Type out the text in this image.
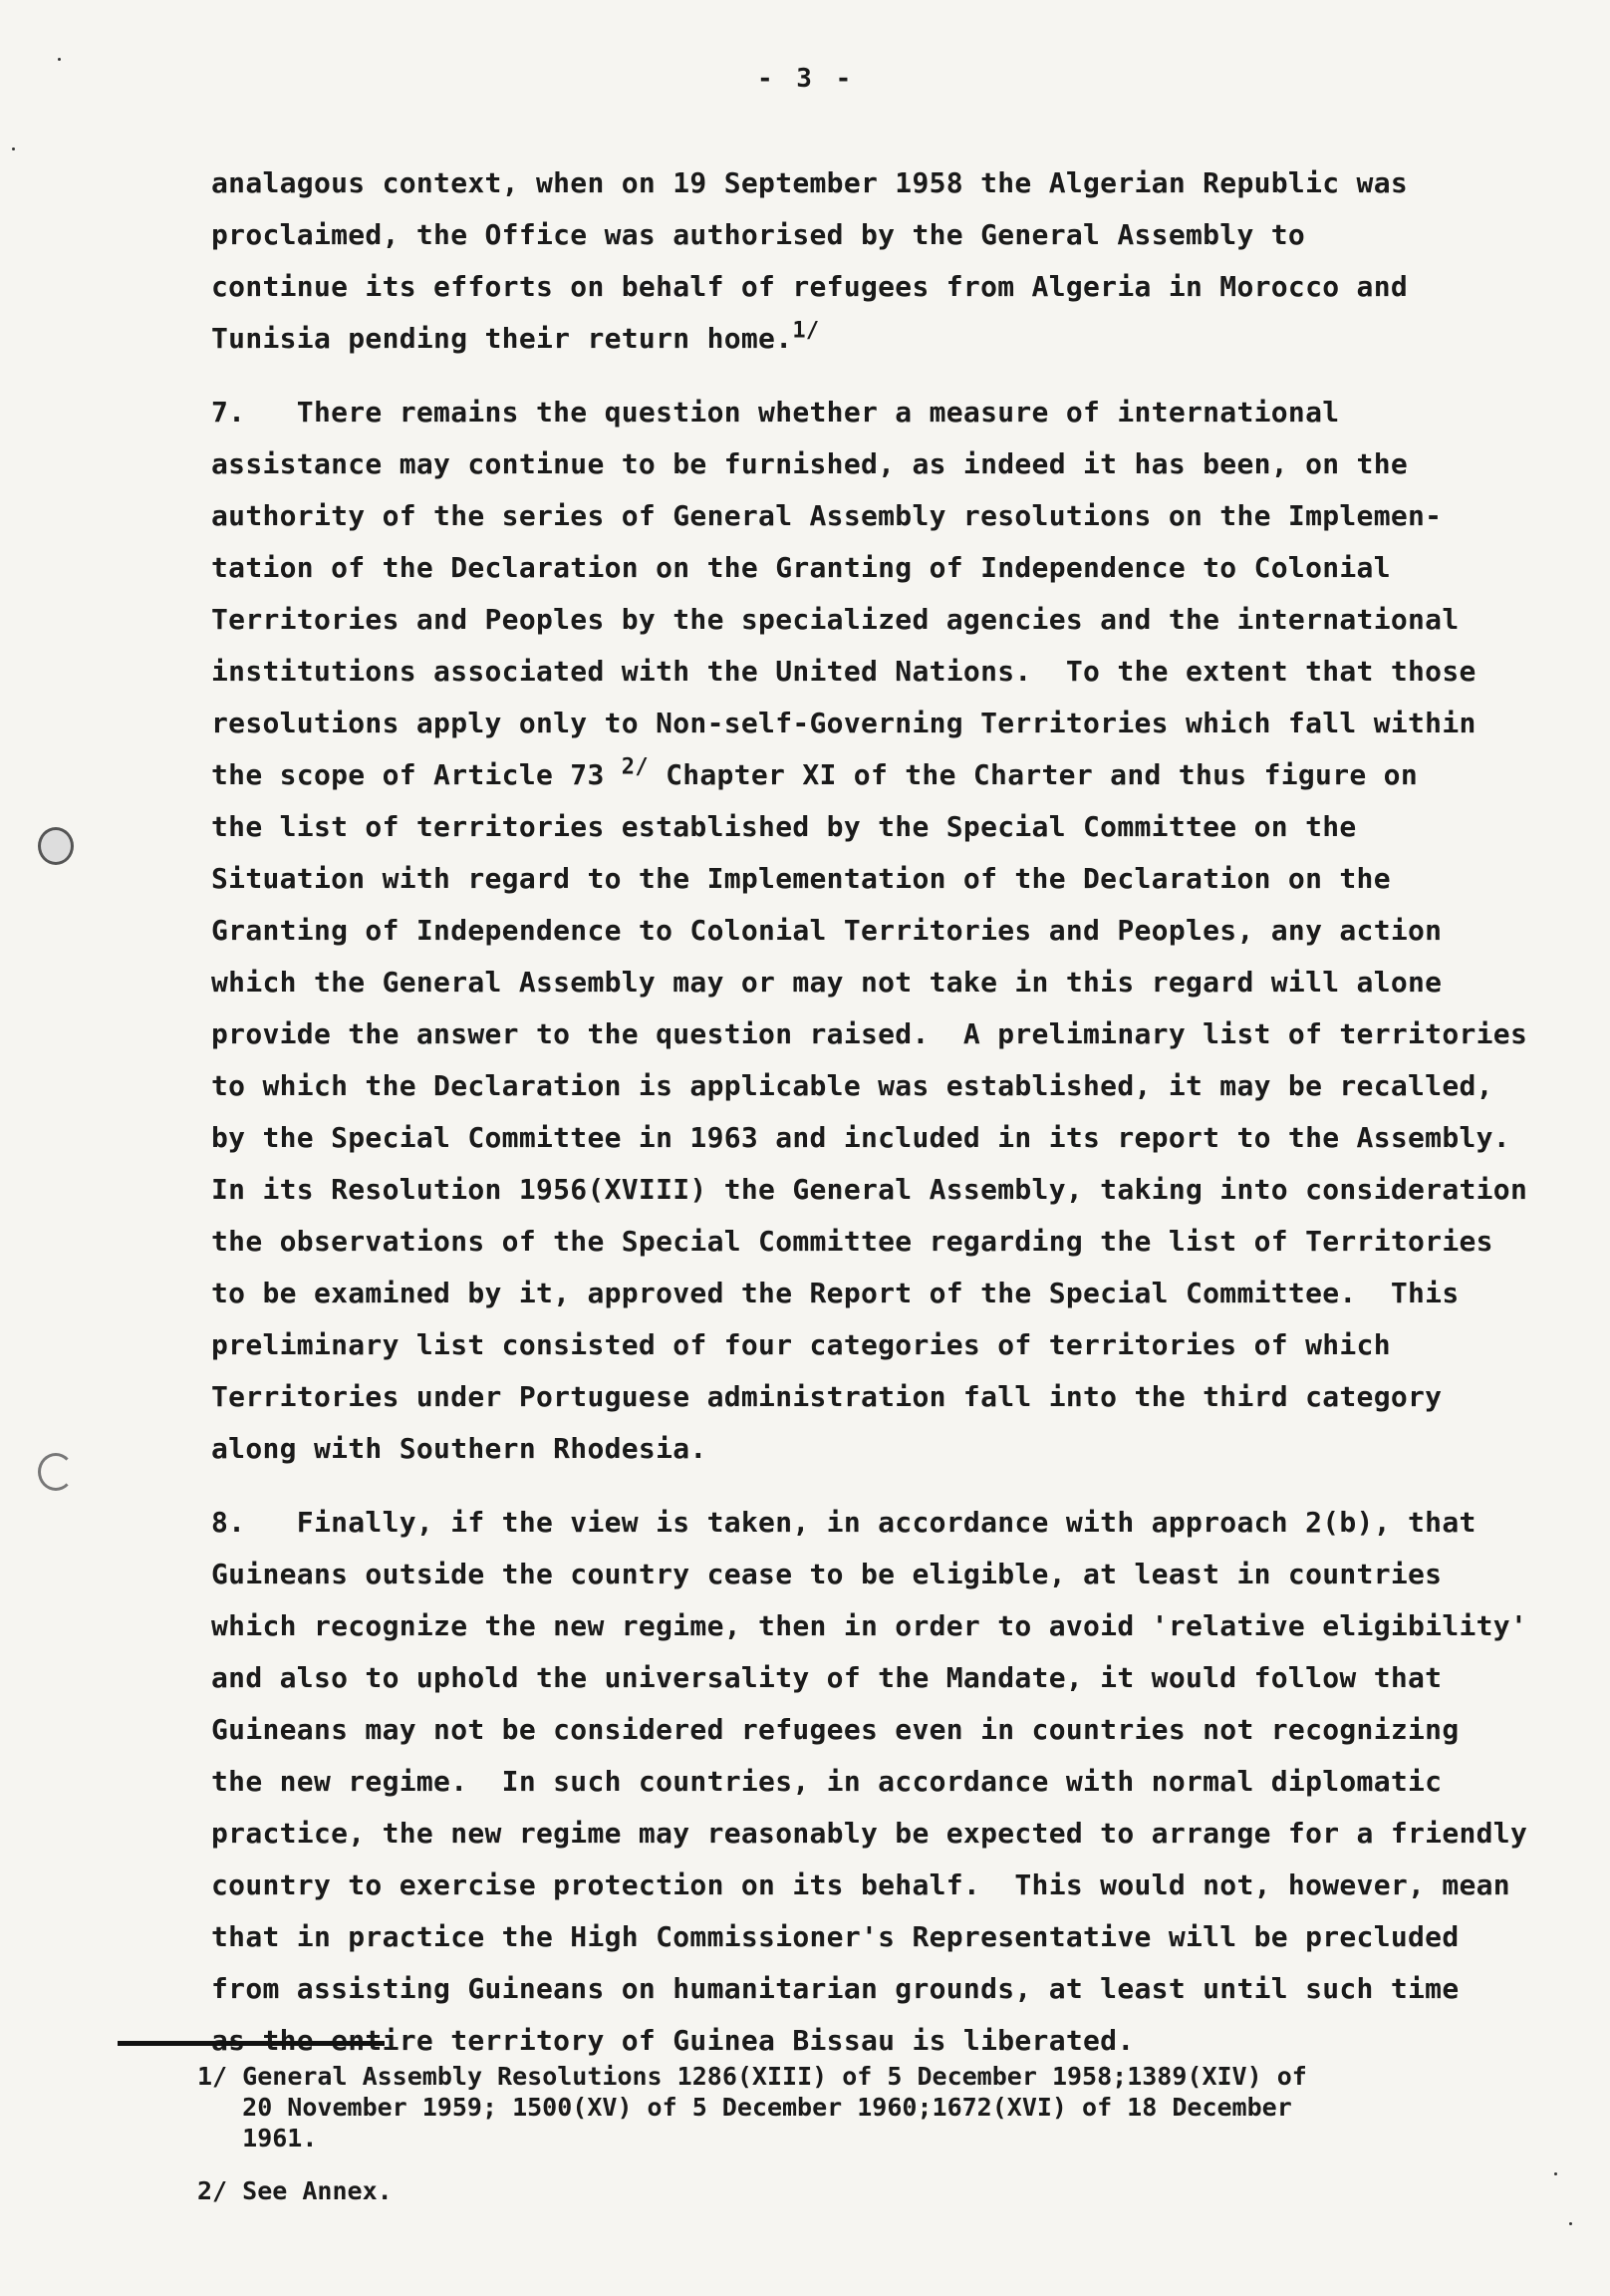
- 3 -
analagous context, when on 19 September 1958 the Algerian Republic was
proclaimed, the Office was authorised by the General Assembly to
continue its efforts on behalf of refugees from Algeria in Morocco and
Tunisia pending their return home.$^{1/}$
7.   There remains the question whether a measure of international
assistance may continue to be furnished, as indeed it has been, on the
authority of the series of General Assembly resolutions on the Implemen-
tation of the Declaration on the Granting of Independence to Colonial
Territories and Peoples by the specialized agencies and the international
institutions associated with the United Nations.  To the extent that those
resolutions apply only to Non-self-Governing Territories which fall within
the scope of Article 73 $^{2/}$ Chapter XI of the Charter and thus figure on
the list of territories established by the Special Committee on the
Situation with regard to the Implementation of the Declaration on the
Granting of Independence to Colonial Territories and Peoples, any action
which the General Assembly may or may not take in this regard will alone
provide the answer to the question raised.  A preliminary list of territories
to which the Declaration is applicable was established, it may be recalled,
by the Special Committee in 1963 and included in its report to the Assembly.
In its Resolution 1956(XVIII) the General Assembly, taking into consideration
the observations of the Special Committee regarding the list of Territories
to be examined by it, approved the Report of the Special Committee.  This
preliminary list consisted of four categories of territories of which
Territories under Portuguese administration fall into the third category
along with Southern Rhodesia.
8.   Finally, if the view is taken, in accordance with approach 2(b), that
Guineans outside the country cease to be eligible, at least in countries
which recognize the new regime, then in order to avoid 'relative eligibility'
and also to uphold the universality of the Mandate, it would follow that
Guineans may not be considered refugees even in countries not recognizing
the new regime.  In such countries, in accordance with normal diplomatic
practice, the new regime may reasonably be expected to arrange for a friendly
country to exercise protection on its behalf.  This would not, however, mean
that in practice the High Commissioner's Representative will be precluded
from assisting Guineans on humanitarian grounds, at least until such time
as the entire territory of Guinea Bissau is liberated.
1/ General Assembly Resolutions 1286(XIII) of 5 December 1958;1389(XIV) of
20 November 1959; 1500(XV) of 5 December 1960;1672(XVI) of 18 December
1961.
2/ See Annex.
